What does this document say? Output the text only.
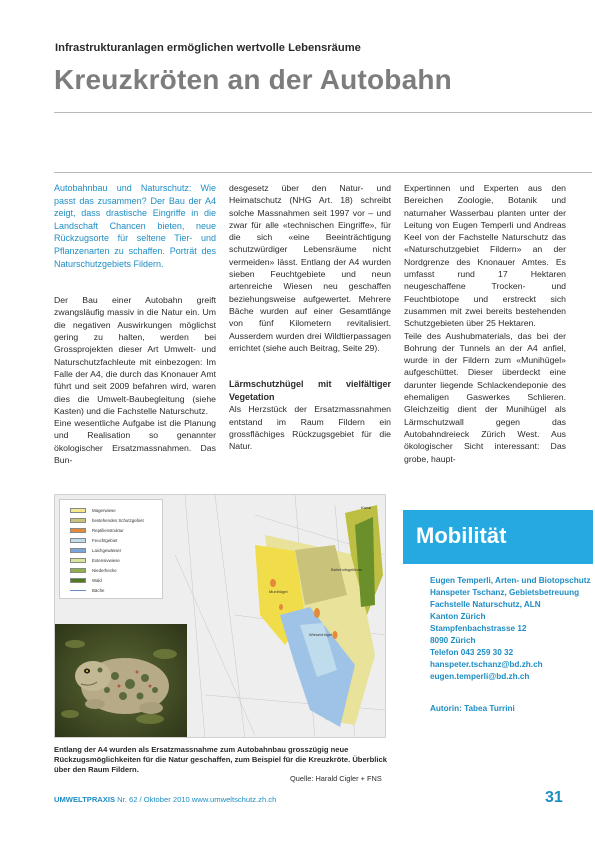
Infrastrukturanlagen ermöglichen wertvolle Lebensräume
Kreuzkröten an der Autobahn

Autobahnbau und Naturschutz: Wie passt das zusammen? Der Bau der A4 zeigt, dass drastische Eingriffe in die Landschaft Chancen bieten, neue Rückzugsorte für seltene Tier- und Pflanzenarten zu schaffen. Porträt des Naturschutzgebiets Fildern.

Der Bau einer Autobahn greift zwangsläufig massiv in die Natur ein. Um die negativen Auswirkungen möglichst gering zu halten, werden bei Grossprojekten dieser Art Umwelt- und Naturschutzfachleute mit einbezogen: Im Falle der A4, die durch das Knonauer Amt führt und seit 2009 befahren wird, waren dies die Umwelt-Baubegleitung (siehe Kasten) und die Fachstelle Naturschutz.

Eine wesentliche Aufgabe ist die Planung und Realisation so genannter ökologischer Ersatzmassnahmen. Das Bun-

desgesetz über den Natur- und Heimatschutz (NHG Art. 18) schreibt solche Massnahmen seit 1997 vor – und zwar für alle «technischen Eingriffe», für die sich «eine Beeinträchtigung schutzwürdiger Lebensräume nicht vermeiden» lässt. Entlang der A4 wurden sieben Feuchtgebiete und neun artenreiche Wiesen neu geschaffen beziehungsweise aufgewertet. Mehrere Bäche wurden auf einer Gesamtlänge von fünf Kilometern revitalisiert. Ausserdem wurden drei Wildtierpassagen errichtet (siehe auch Beitrag, Seite 29).

Lärmschutzhügel mit vielfältiger Vegetation

Als Herzstück der Ersatzmassnahmen entstand im Raum Fildern ein grossflächiges Rückzugsgebiet für die Natur.

Expertinnen und Experten aus den Bereichen Zoologie, Botanik und naturnaher Wasserbau planten unter der Leitung von Eugen Temperli und Andreas Keel von der Fachstelle Naturschutz das «Naturschutzgebiet Fildern» an der Nordgrenze des Knonauer Amtes. Es umfasst rund 17 Hektaren neugeschaffene Trocken- und Feuchtbiotope und erstreckt sich zusammen mit zwei bereits bestehenden Schutzgebieten über 25 Hektaren.

Teile des Aushubmaterials, das bei der Bohrung der Tunnels an der A4 anfiel, wurde in der Fildern zum «Munihügel» aufgeschüttet. Dieser überdeckt eine darunter liegende Schlackendeponie des ehemaligen Gaswerkes Schlieren. Gleichzeitig dient der Munihügel als Lärmschutzwall gegen das Autobahndreieck Zürich West. Aus ökologischer Sicht interessant: Das grobe, haupt-

Munihügel
Bahnhofsgelände
Wiesenhügel
Kanal
Magerwiese
bestehendes Schutzgebiet
Reptilienstruktur
Feuchtgebiet
Laichgewässer
Extensivwiese
Niederhecke
Wald
Bäche
Entlang der A4 wurden als Ersatzmassnahme zum Autobahnbau grosszügig neue Rückzugsmöglichkeiten für die Natur geschaffen, zum Beispiel für die Kreuzkröte. Überblick über den Raum Fildern.
Quelle: Harald Cigler + FNS
Mobilität
Eugen Temperli, Arten- und Biotopschutz
Hanspeter Tschanz, Gebietsbetreuung
Fachstelle Naturschutz, ALN
Kanton Zürich
Stampfenbachstrasse 12
8090 Zürich
Telefon 043 259 30 32
hanspeter.tschanz@bd.zh.ch
eugen.temperli@bd.zh.ch
Autorin: Tabea Turrini
UMWELTPRAXIS Nr. 62 / Oktober 2010 www.umweltschutz.zh.ch	31
